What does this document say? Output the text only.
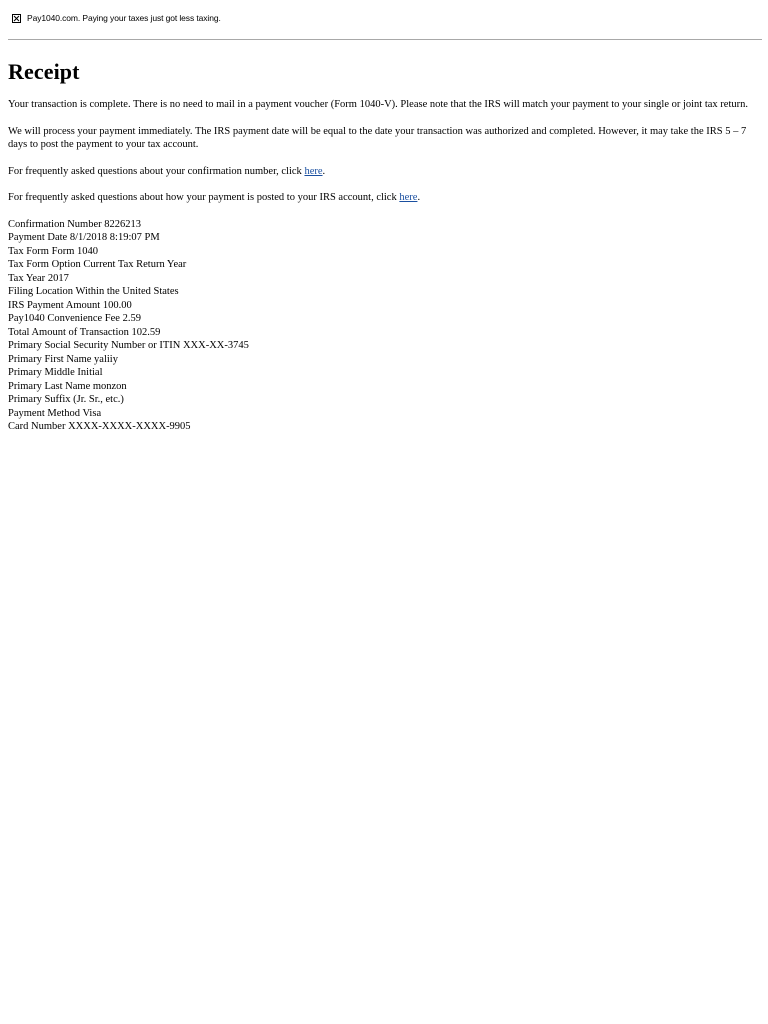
Pay1040.com. Paying your taxes just got less taxing.
Receipt

Your transaction is complete. There is no need to mail in a payment voucher (Form 1040-V). Please note that the IRS will match your payment to your single or joint tax return.

We will process your payment immediately. The IRS payment date will be equal to the date your transaction was authorized and completed. However, it may take the IRS 5 – 7 days to post the payment to your tax account.

For frequently asked questions about your confirmation number, click here.

For frequently asked questions about how your payment is posted to your IRS account, click here.

Confirmation Number 8226213
Payment Date 8/1/2018 8:19:07 PM
Tax Form Form 1040
Tax Form Option Current Tax Return Year
Tax Year 2017
Filing Location Within the United States
IRS Payment Amount 100.00
Pay1040 Convenience Fee 2.59
Total Amount of Transaction 102.59
Primary Social Security Number or ITIN XXX-XX-3745
Primary First Name yaliiy
Primary Middle Initial
Primary Last Name monzon
Primary Suffix (Jr. Sr., etc.)
Payment Method Visa
Card Number XXXX-XXXX-XXXX-9905
